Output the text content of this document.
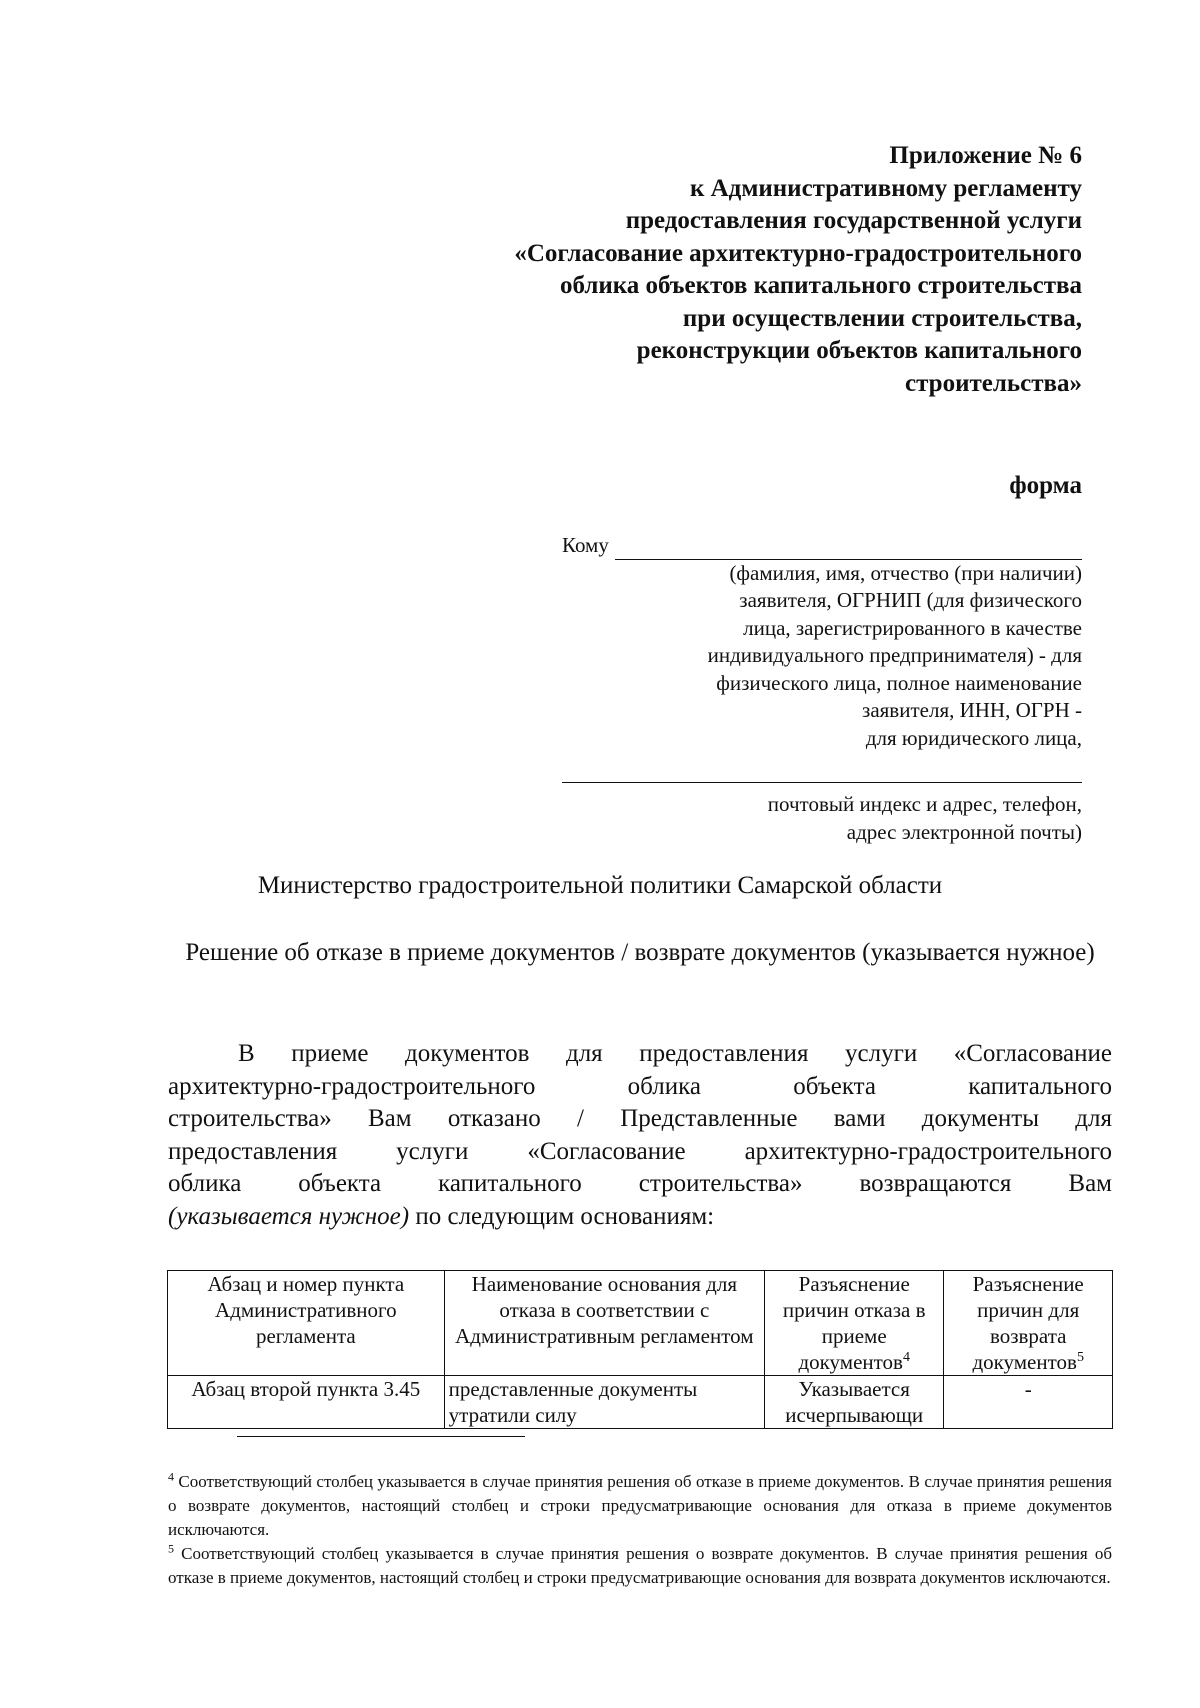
Приложение № 6
к Административному регламенту
предоставления государственной услуги
«Согласование архитектурно-градостроительного
облика объектов капитального строительства
при осуществлении строительства,
реконструкции объектов капитального
строительства»
форма
Кому
(фамилия, имя, отчество (при наличии)
заявителя, ОГРНИП (для физического
лица, зарегистрированного в качестве
индивидуального предпринимателя) - для
физического лица, полное наименование
заявителя, ИНН, ОГРН -
для юридического лица,
почтовый индекс и адрес, телефон,
адрес электронной почты)
Министерство градостроительной политики Самарской области
Решение об отказе в приеме документов / возврате документов (указывается нужное)
В приеме документов для предоставления услуги «Согласование
архитектурно-градостроительного облика объекта капитального
строительства» Вам отказано / Представленные вами документы для
предоставления услуги «Согласование архитектурно-градостроительного
облика объекта капитального строительства» возвращаются Вам
(указывается нужное) по следующим основаниям:
Абзац и номер пункта Административного регламента	Наименование основания для отказа в соответствии с Административным регламентом	Разъяснение причин отказа в приеме документов$^4$	Разъяснение причин для возврата документов$^5$
Абзац второй пункта 3.45	представленные документы утратили силу	Указывается исчерпывающи	-

$^4$ Соответствующий столбец указывается в случае принятия решения об отказе в приеме документов. В случае принятия решения о возврате документов, настоящий столбец и строки предусматривающие основания для отказа в приеме документов исключаются.

$^5$ Соответствующий столбец указывается в случае принятия решения о возврате документов. В случае принятия решения об отказе в приеме документов, настоящий столбец и строки предусматривающие основания для возврата документов исключаются.
